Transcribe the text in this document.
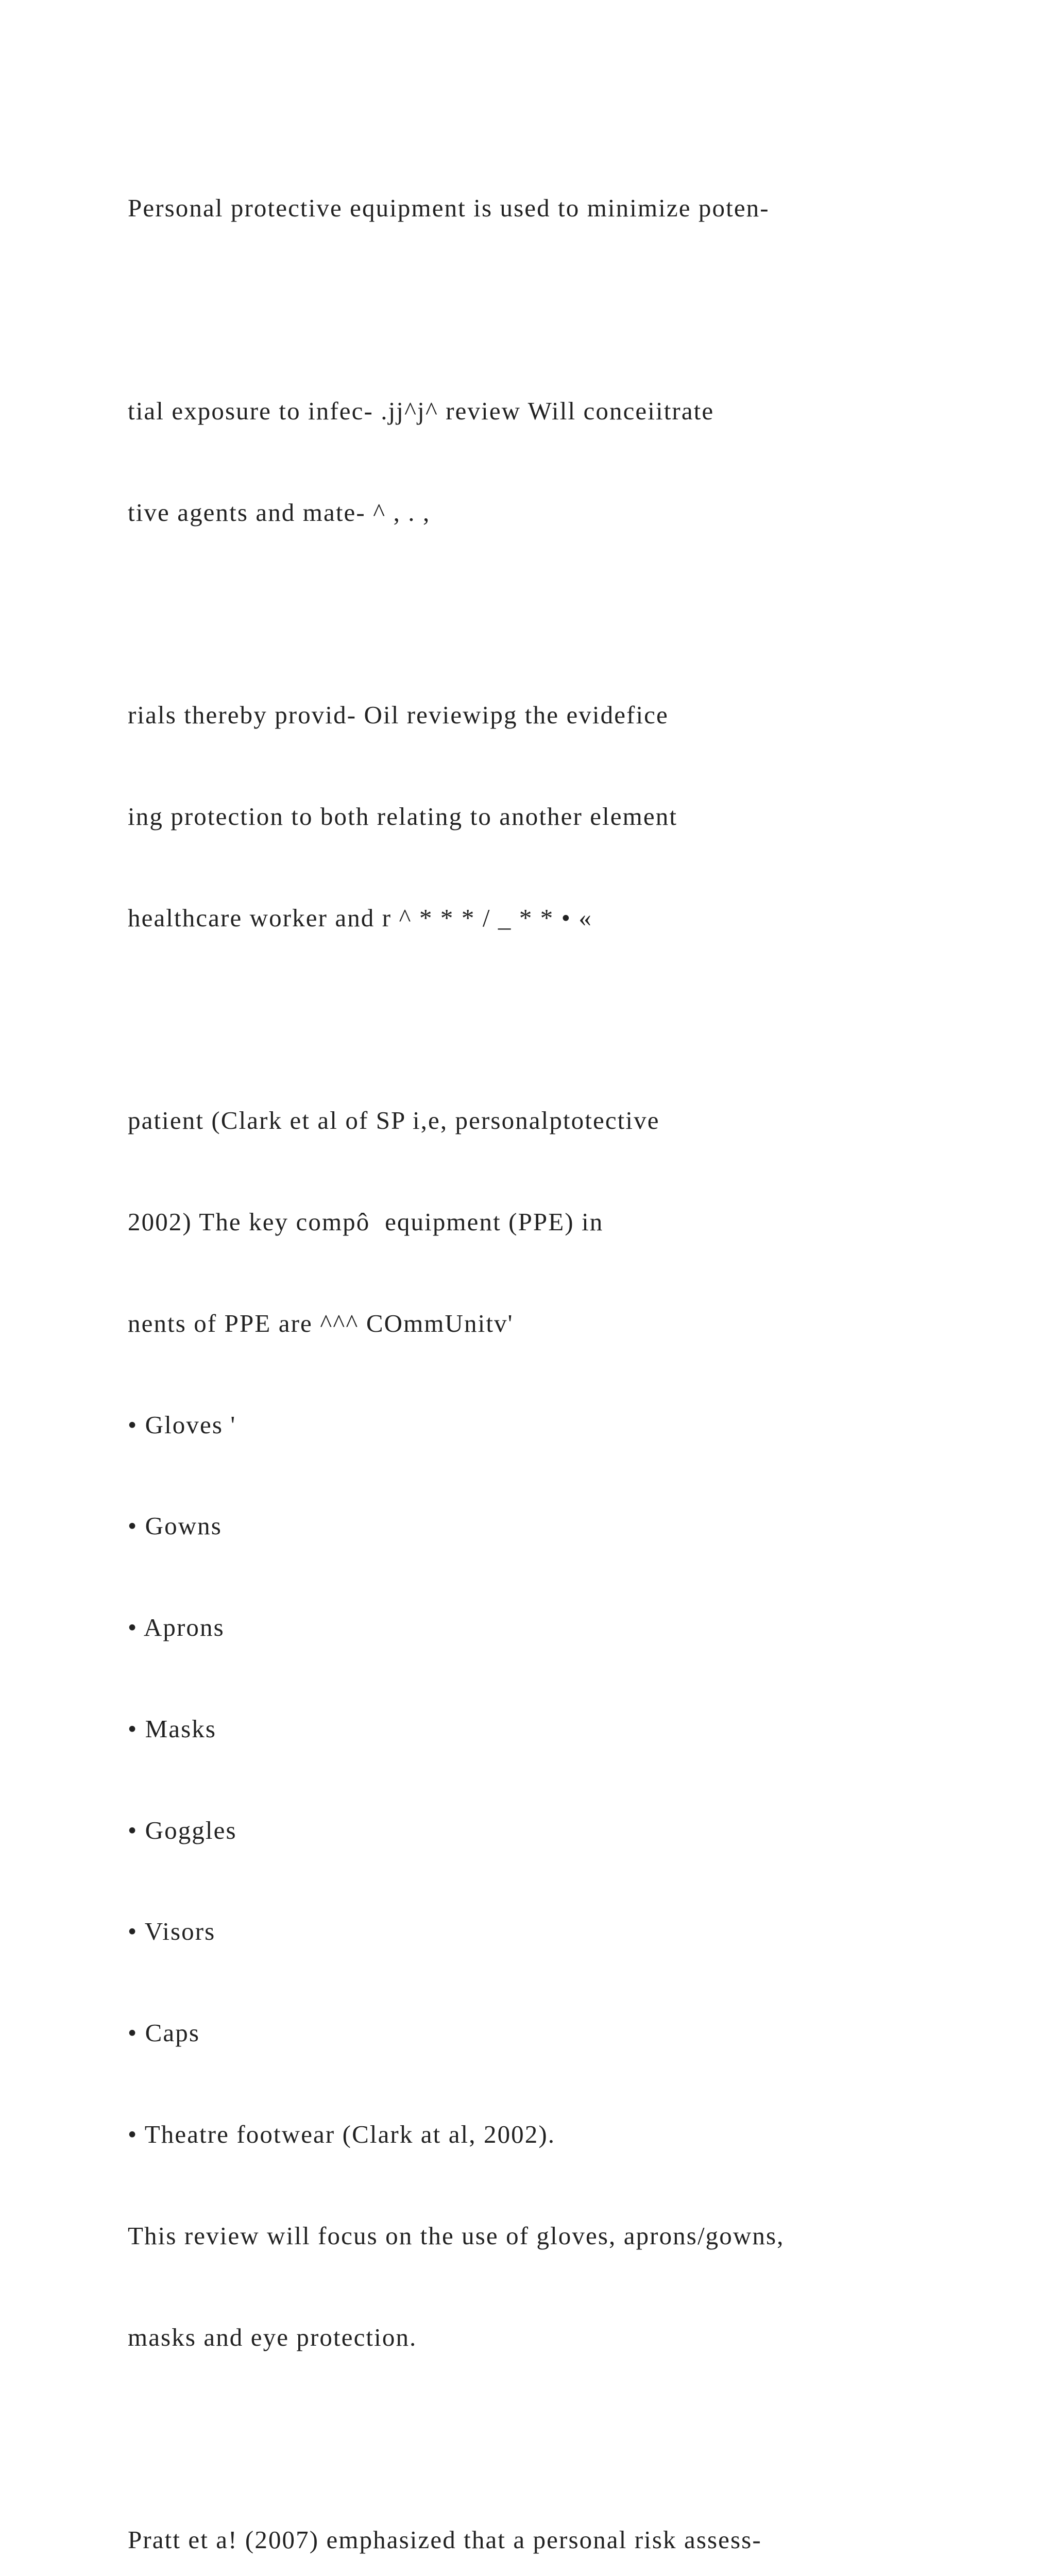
Personal protective equipment is used to minimize poten-

tial exposure to infec- .jj^j^ review Will conceiitrate

tive agents and mate- ^ , . ,

rials thereby provid- Oil reviewipg the evidefice

ing protection to both relating to another element

healthcare worker and r ^ * * * / _ * * • «

patient (Clark et al of SP i,e, personalptotective

2002) The key compô  equipment (PPE) in

nents of PPE are ^^^ COmmUnitv'

• Gloves '

• Gowns

• Aprons

• Masks

• Goggles

• Visors

• Caps

• Theatre footwear (Clark at al, 2002).

This review will focus on the use of gloves, aprons/gowns,

masks and eye protection.

Pratt et a! (2007) emphasized that a personal risk assess-
